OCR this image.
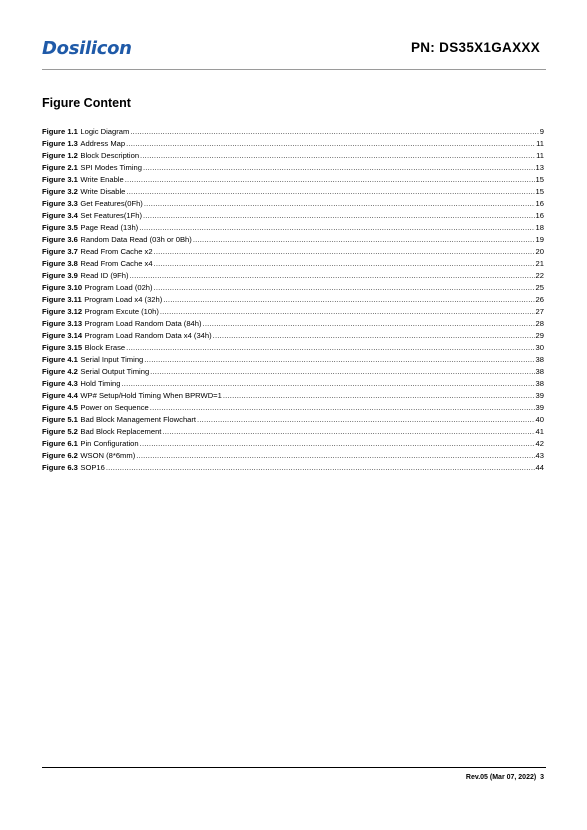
Dosilicon	PN: DS35X1GAXXX
Figure Content
Figure 1.1 Logic Diagram .....	9
Figure 1.3 Address Map .....	11
Figure 1.2 Block Description .....	11
Figure 2.1 SPI Modes Timing .....	13
Figure 3.1 Write Enable .....	15
Figure 3.2 Write Disable .....	15
Figure 3.3 Get Features(0Fh) .....	16
Figure 3.4 Set Features(1Fh) .....	16
Figure 3.5 Page Read (13h) .....	18
Figure 3.6 Random Data Read (03h or 0Bh) .....	19
Figure 3.7 Read From Cache x2 .....	20
Figure 3.8 Read From Cache x4 .....	21
Figure 3.9 Read ID (9Fh) .....	22
Figure 3.10 Program Load (02h) .....	25
Figure 3.11 Program Load x4 (32h) .....	26
Figure 3.12 Program Excute (10h) .....	27
Figure 3.13 Program Load Random Data (84h) .....	28
Figure 3.14 Program Load Random Data x4 (34h) .....	29
Figure 3.15 Block Erase .....	30
Figure 4.1 Serial Input Timing .....	38
Figure 4.2 Serial Output Timing .....	38
Figure 4.3 Hold Timing .....	38
Figure 4.4 WP# Setup/Hold Timing When BPRWD=1 .....	39
Figure 4.5 Power on Sequence .....	39
Figure 5.1 Bad Block Management Flowchart .....	40
Figure 5.2 Bad Block Replacement .....	41
Figure 6.1 Pin Configuration .....	42
Figure 6.2 WSON (8*6mm) .....	43
Figure 6.3 SOP16 .....	44
Rev.05 (Mar 07, 2022) 3
